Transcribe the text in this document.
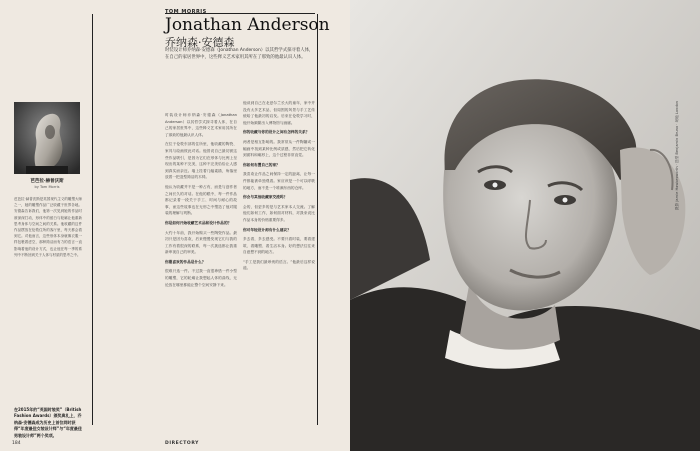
芭芭拉·赫普沃斯
by Tom Morris
芭芭拉·赫普沃斯是英国现代主义的雕塑大师之一，她的雕塑作品广泛收藏于世界各地。安德森告诉我们，他第一次见到她的作品时被深深打动，形体中的留白与轮廓让他重新思考身体与空间之间的关系。他收藏的这件作品摆放在伦敦住所的客厅里，每天都会看到它。对他而言，这些形体本身就像衣服一样包裹着虚空，那种简洁而有力的语言一直影响着他的设计方式，也让他在每一季的系列中不断回到关于人体与材质的思考之中。
在2015年的“英国时装奖”（British Fashion Awards）颁奖典礼上，乔纳森·安德森成为历史上首位同时获得“年度最佳女装设计师”与“年度最佳男装设计师”两个奖项。
TOM MORRIS
Jonathan Anderson
乔纳森·安德森
时装设计师乔纳森·安德森（Jonathan Anderson）以其哲学式探寻着人体，在自己的家居世界中，这些释义艺术家用其所在了那致的他最认识人体。

时装设计师乔纳森·安德森（Jonathan Anderson）以其哲学式探寻着人体，在自己的家居世界中，这些释义艺术家用其所在了那致的他最认识人体。

在位于伦敦东部的住所里，他收藏的陶瓷、家具与绘画彼此对话。他曾说自己最初被这些作品吸引，是因为它们在形体与比例上呈现出的某种不完美，这种不完美恰恰让人感到真实而亲近。墙上挂着几幅素描，角落里放着一把造型简洁的木椅。

他认为收藏并不是一种占有，而是与创作者之间长久的对话。在他的眼中，每一件作品都记录着一段关于手工、时间与耐心的故事，而这些故事也在无形之中塑造了他对服装的理解与判断。

你是如何开始收藏艺术品和设计作品的？

大约十年前，我开始购买一些陶瓷作品。最初只是因为喜欢，后来慢慢发现它们与我的工作有着很深的联系，每一次挑选都让我重新审视自己的审美。

你最喜欢的作品是什么？

很难只选一件。不过我一直很珍惜一件小型的雕塑，它的轮廓让我想起人体的曲线，无论放在哪里都能让整个空间安静下来。

他谈到自己在北爱尔兰长大的童年，家中并没有太多艺术品，但周围的风景与手工艺传统给了他最初的启发。后来在伦敦学习时，他开始频繁出入博物馆与画廊。

你的收藏与你的设计之间有怎样的关系？

两者是相互影响的。我常常从一件陶罐或一幅画中找到某种比例或质感，然后把它转化到面料和廓形上，这个过程非常直觉。

你如何布置自己的家？

我喜欢让作品之间保持一定的距离，让每一件都能被单独观看。家应该是一个可以呼吸的地方，而不是一个堆满东西的仓库。

你会与其他收藏家交流吗？

会的，但更多的是与艺术家本人交流。了解他们如何工作，如何面对材料，对我来说比作品本身的价格重要得多。

你对年轻设计师有什么建议？

多去看，多去感受。不要只看时装，要看建筑、看雕塑、看生活本身。好的想法往往来自意想不到的地方。

“手工是我们最珍贵的语言。”他最后这样说道。

184	DIRECTORY
摄影 Jamie Hawkesworth · 造型 Benjamin Bruno · 场地 London
